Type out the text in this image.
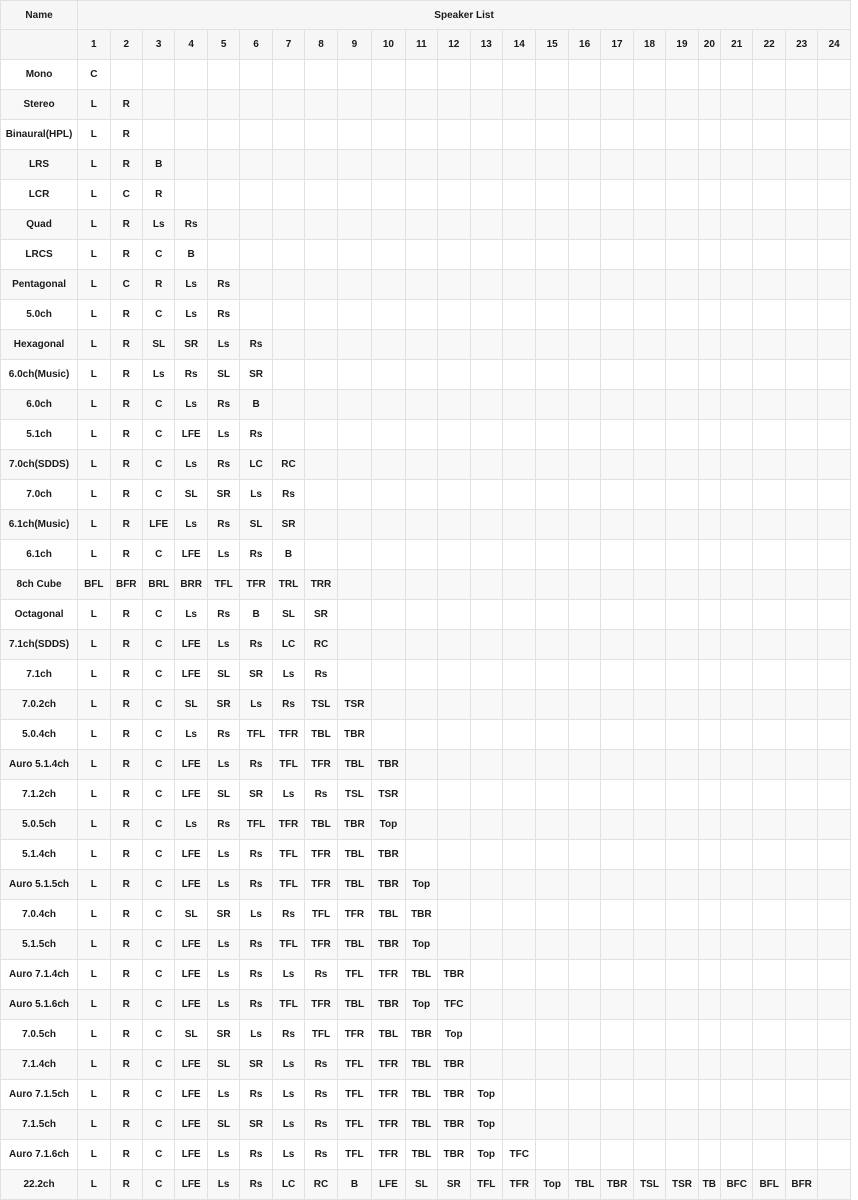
Name	Speaker List																							
	1	2	3	4	5	6	7	8	9	10	11	12	13	14	15	16	17	18	19	20	21	22	23	24
Mono	C																							
Stereo	L	R																						
Binaural(HPL)	L	R																						
LRS	L	R	B																					
LCR	L	C	R																					
Quad	L	R	Ls	Rs																				
LRCS	L	R	C	B																				
Pentagonal	L	C	R	Ls	Rs																			
5.0ch	L	R	C	Ls	Rs																			
Hexagonal	L	R	SL	SR	Ls	Rs																		
6.0ch(Music)	L	R	Ls	Rs	SL	SR																		
6.0ch	L	R	C	Ls	Rs	B																		
5.1ch	L	R	C	LFE	Ls	Rs																		
7.0ch(SDDS)	L	R	C	Ls	Rs	LC	RC																	
7.0ch	L	R	C	SL	SR	Ls	Rs																	
6.1ch(Music)	L	R	LFE	Ls	Rs	SL	SR																	
6.1ch	L	R	C	LFE	Ls	Rs	B																	
8ch Cube	BFL	BFR	BRL	BRR	TFL	TFR	TRL	TRR																
Octagonal	L	R	C	Ls	Rs	B	SL	SR																
7.1ch(SDDS)	L	R	C	LFE	Ls	Rs	LC	RC																
7.1ch	L	R	C	LFE	SL	SR	Ls	Rs																
7.0.2ch	L	R	C	SL	SR	Ls	Rs	TSL	TSR															
5.0.4ch	L	R	C	Ls	Rs	TFL	TFR	TBL	TBR															
Auro 5.1.4ch	L	R	C	LFE	Ls	Rs	TFL	TFR	TBL	TBR														
7.1.2ch	L	R	C	LFE	SL	SR	Ls	Rs	TSL	TSR														
5.0.5ch	L	R	C	Ls	Rs	TFL	TFR	TBL	TBR	Top														
5.1.4ch	L	R	C	LFE	Ls	Rs	TFL	TFR	TBL	TBR														
Auro 5.1.5ch	L	R	C	LFE	Ls	Rs	TFL	TFR	TBL	TBR	Top													
7.0.4ch	L	R	C	SL	SR	Ls	Rs	TFL	TFR	TBL	TBR													
5.1.5ch	L	R	C	LFE	Ls	Rs	TFL	TFR	TBL	TBR	Top													
Auro 7.1.4ch	L	R	C	LFE	Ls	Rs	Ls	Rs	TFL	TFR	TBL	TBR												
Auro 5.1.6ch	L	R	C	LFE	Ls	Rs	TFL	TFR	TBL	TBR	Top	TFC												
7.0.5ch	L	R	C	SL	SR	Ls	Rs	TFL	TFR	TBL	TBR	Top												
7.1.4ch	L	R	C	LFE	SL	SR	Ls	Rs	TFL	TFR	TBL	TBR												
Auro 7.1.5ch	L	R	C	LFE	Ls	Rs	Ls	Rs	TFL	TFR	TBL	TBR	Top											
7.1.5ch	L	R	C	LFE	SL	SR	Ls	Rs	TFL	TFR	TBL	TBR	Top											
Auro 7.1.6ch	L	R	C	LFE	Ls	Rs	Ls	Rs	TFL	TFR	TBL	TBR	Top	TFC										
22.2ch	L	R	C	LFE	Ls	Rs	LC	RC	B	LFE	SL	SR	TFL	TFR	Top	TBL	TBR	TSL	TSR	TB	BFC	BFL	BFR	
